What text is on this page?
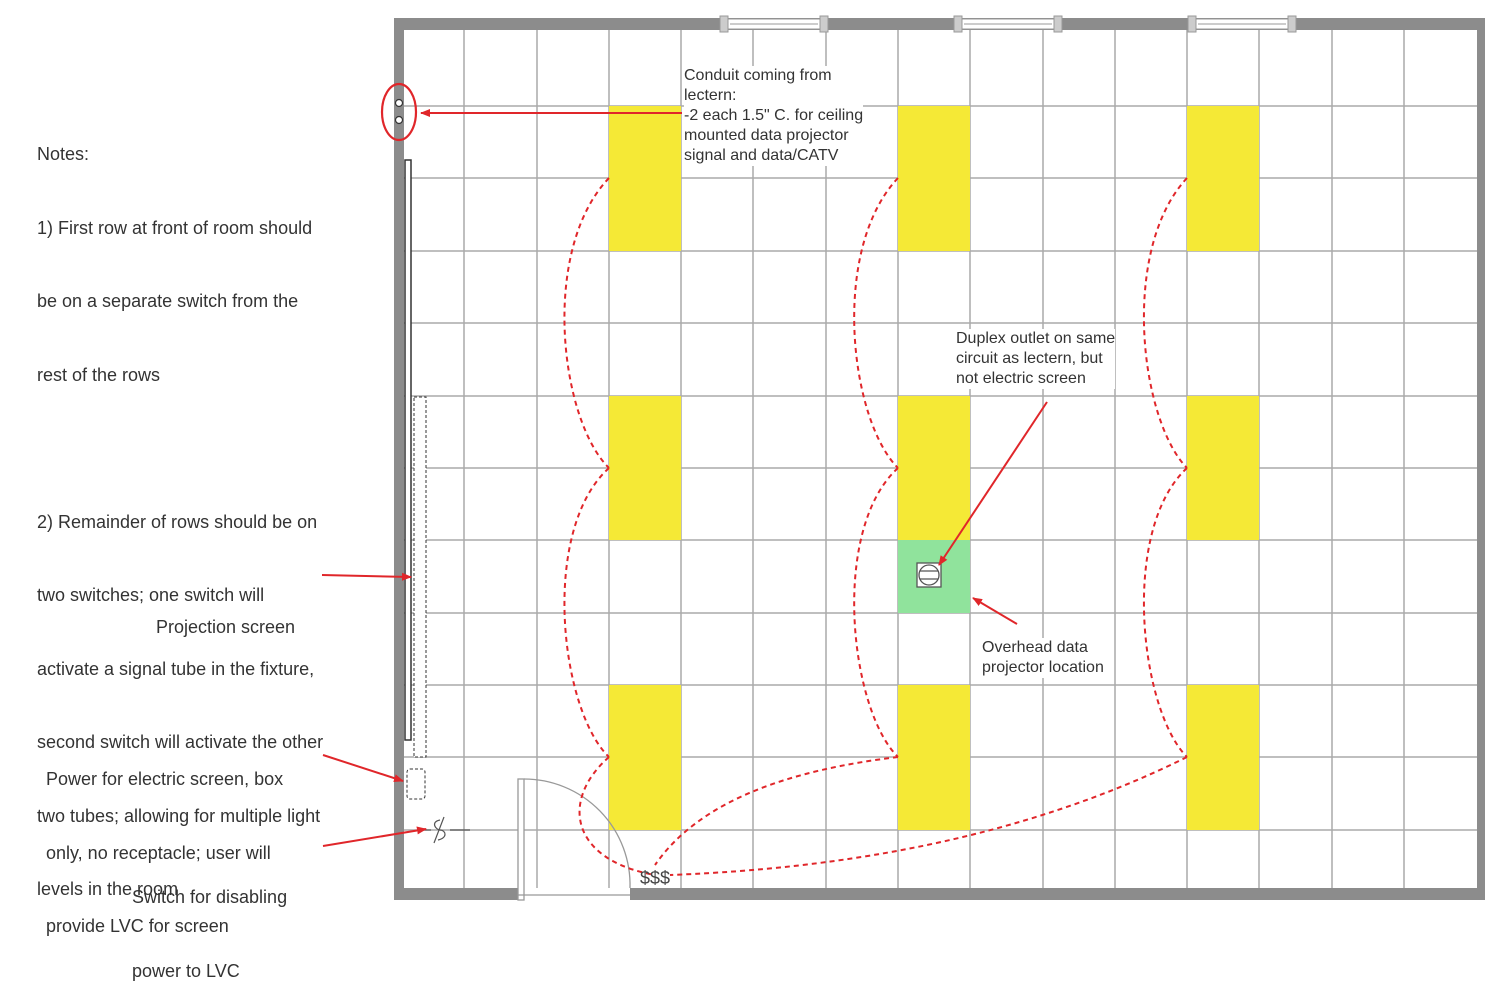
$$$

Notes:

1) First row at front of room should

be on a separate switch from the

rest of the rows

2) Remainder of rows should be on

two switches; one switch will

activate a signal tube in the fixture,

second switch will activate the other

two tubes; allowing for multiple light

levels in the room

Conduit coming from
lectern:
-2 each 1.5" C. for ceiling
mounted data projector
signal and data/CATV
Duplex outlet on same
circuit as lectern, but
not electric screen
Overhead data
projector location

Projection screen

Power for electric screen, box

only, no receptacle; user will

provide LVC for screen

Switch for disabling

power to LVC
